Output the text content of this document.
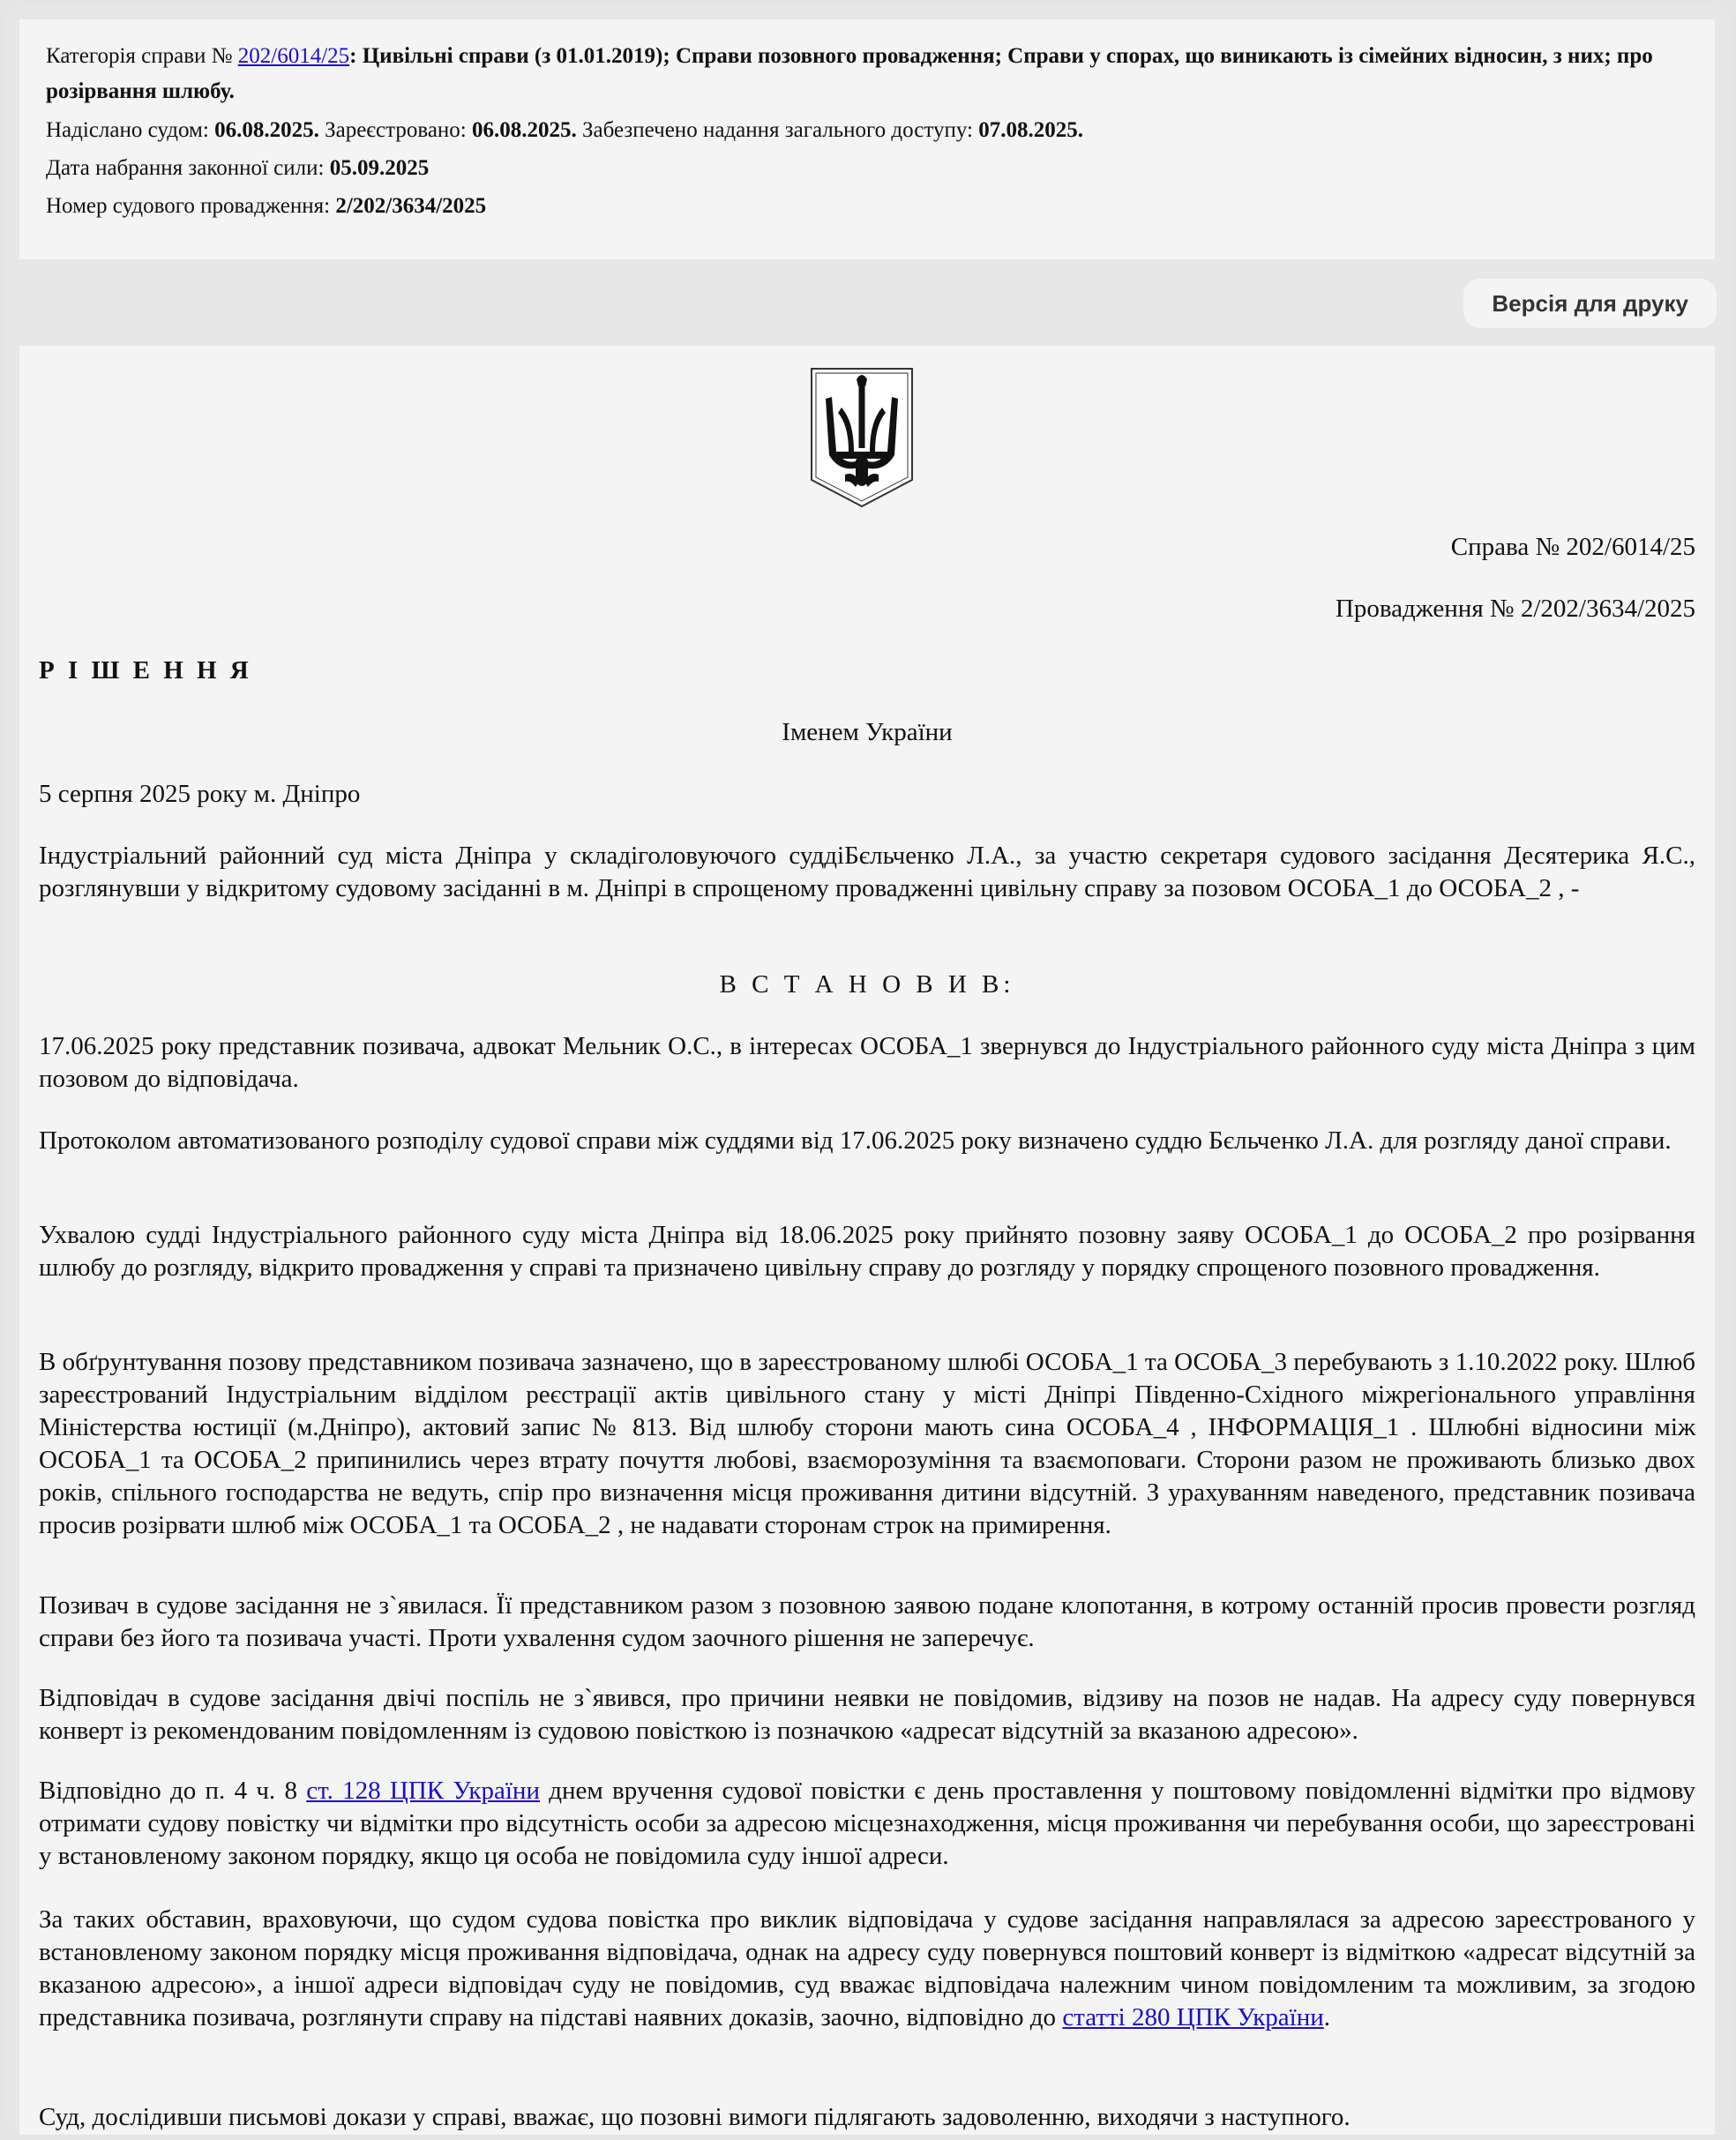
Категорія справи № 202/6014/25: Цивільні справи (з 01.01.2019); Справи позовного провадження; Справи у спорах, що виникають із сімейних відносин, з них; про розірвання шлюбу.

Надіслано судом: 06.08.2025. Зареєстровано: 06.08.2025. Забезпечено надання загального доступу: 07.08.2025.

Дата набрання законної сили: 05.09.2025

Номер судового провадження: 2/202/3634/2025

Версія для друку

Справа № 202/6014/25

Провадження № 2/202/3634/2025

Р І Ш Е Н Н Я

Іменем України

5 серпня 2025 року м. Дніпро

Індустріальний районний суд міста Дніпра у складіголовуючого суддіБєльченко Л.А., за участю секретаря судового засідання Десятерика Я.С., розглянувши у відкритому судовому засіданні в м. Дніпрі в спрощеному провадженні цивільну справу за позовом ОСОБА_1 до ОСОБА_2 , -

В С Т А Н О В И В:

17.06.2025 року представник позивача, адвокат Мельник О.С., в інтересах ОСОБА_1 звернувся до Індустріального районного суду міста Дніпра з цим позовом до відповідача.

Протоколом автоматизованого розподілу судової справи між суддями від 17.06.2025 року визначено суддю Бєльченко Л.А. для розгляду даної справи.

Ухвалою судді Індустріального районного суду міста Дніпра від 18.06.2025 року прийнято позовну заяву ОСОБА_1 до ОСОБА_2 про розірвання шлюбу до розгляду, відкрито провадження у справі та призначено цивільну справу до розгляду у порядку спрощеного позовного провадження.

В обґрунтування позову представником позивача зазначено, що в зареєстрованому шлюбі ОСОБА_1 та ОСОБА_3 перебувають з 1.10.2022 року. Шлюб зареєстрований Індустріальним відділом реєстрації актів цивільного стану у місті Дніпрі Південно-Східного міжрегіонального управління Міністерства юстиції (м.Дніпро), актовий запис № 813. Від шлюбу сторони мають сина ОСОБА_4 , ІНФОРМАЦІЯ_1 . Шлюбні відносини між ОСОБА_1 та ОСОБА_2 припинились через втрату почуття любові, взаєморозуміння та взаємоповаги. Сторони разом не проживають близько двох років, спільного господарства не ведуть, спір про визначення місця проживання дитини відсутній. З урахуванням наведеного, представник позивача просив розірвати шлюб між ОСОБА_1 та ОСОБА_2 , не надавати сторонам строк на примирення.

Позивач в судове засідання не з`явилася. Її представником разом з позовною заявою подане клопотання, в котрому останній просив провести розгляд справи без його та позивача участі. Проти ухвалення судом заочного рішення не заперечує.

Відповідач в судове засідання двічі поспіль не з`явився, про причини неявки не повідомив, відзиву на позов не надав. На адресу суду повернувся конверт із рекомендованим повідомленням із судовою повісткою із позначкою «адресат відсутній за вказаною адресою».

Відповідно до п. 4 ч. 8 ст. 128 ЦПК України днем вручення судової повістки є день проставлення у поштовому повідомленні відмітки про відмову отримати судову повістку чи відмітки про відсутність особи за адресою місцезнаходження, місця проживання чи перебування особи, що зареєстровані у встановленому законом порядку, якщо ця особа не повідомила суду іншої адреси.

За таких обставин, враховуючи, що судом судова повістка про виклик відповідача у судове засідання направлялася за адресою зареєстрованого у встановленому законом порядку місця проживання відповідача, однак на адресу суду повернувся поштовий конверт із відміткою «адресат відсутній за вказаною адресою», а іншої адреси відповідач суду не повідомив, суд вважає відповідача належним чином повідомленим та можливим, за згодою представника позивача, розглянути справу на підставі наявних доказів, заочно, відповідно до статті 280 ЦПК України.

Суд, дослідивши письмові докази у справі, вважає, що позовні вимоги підлягають задоволенню, виходячи з наступного.
